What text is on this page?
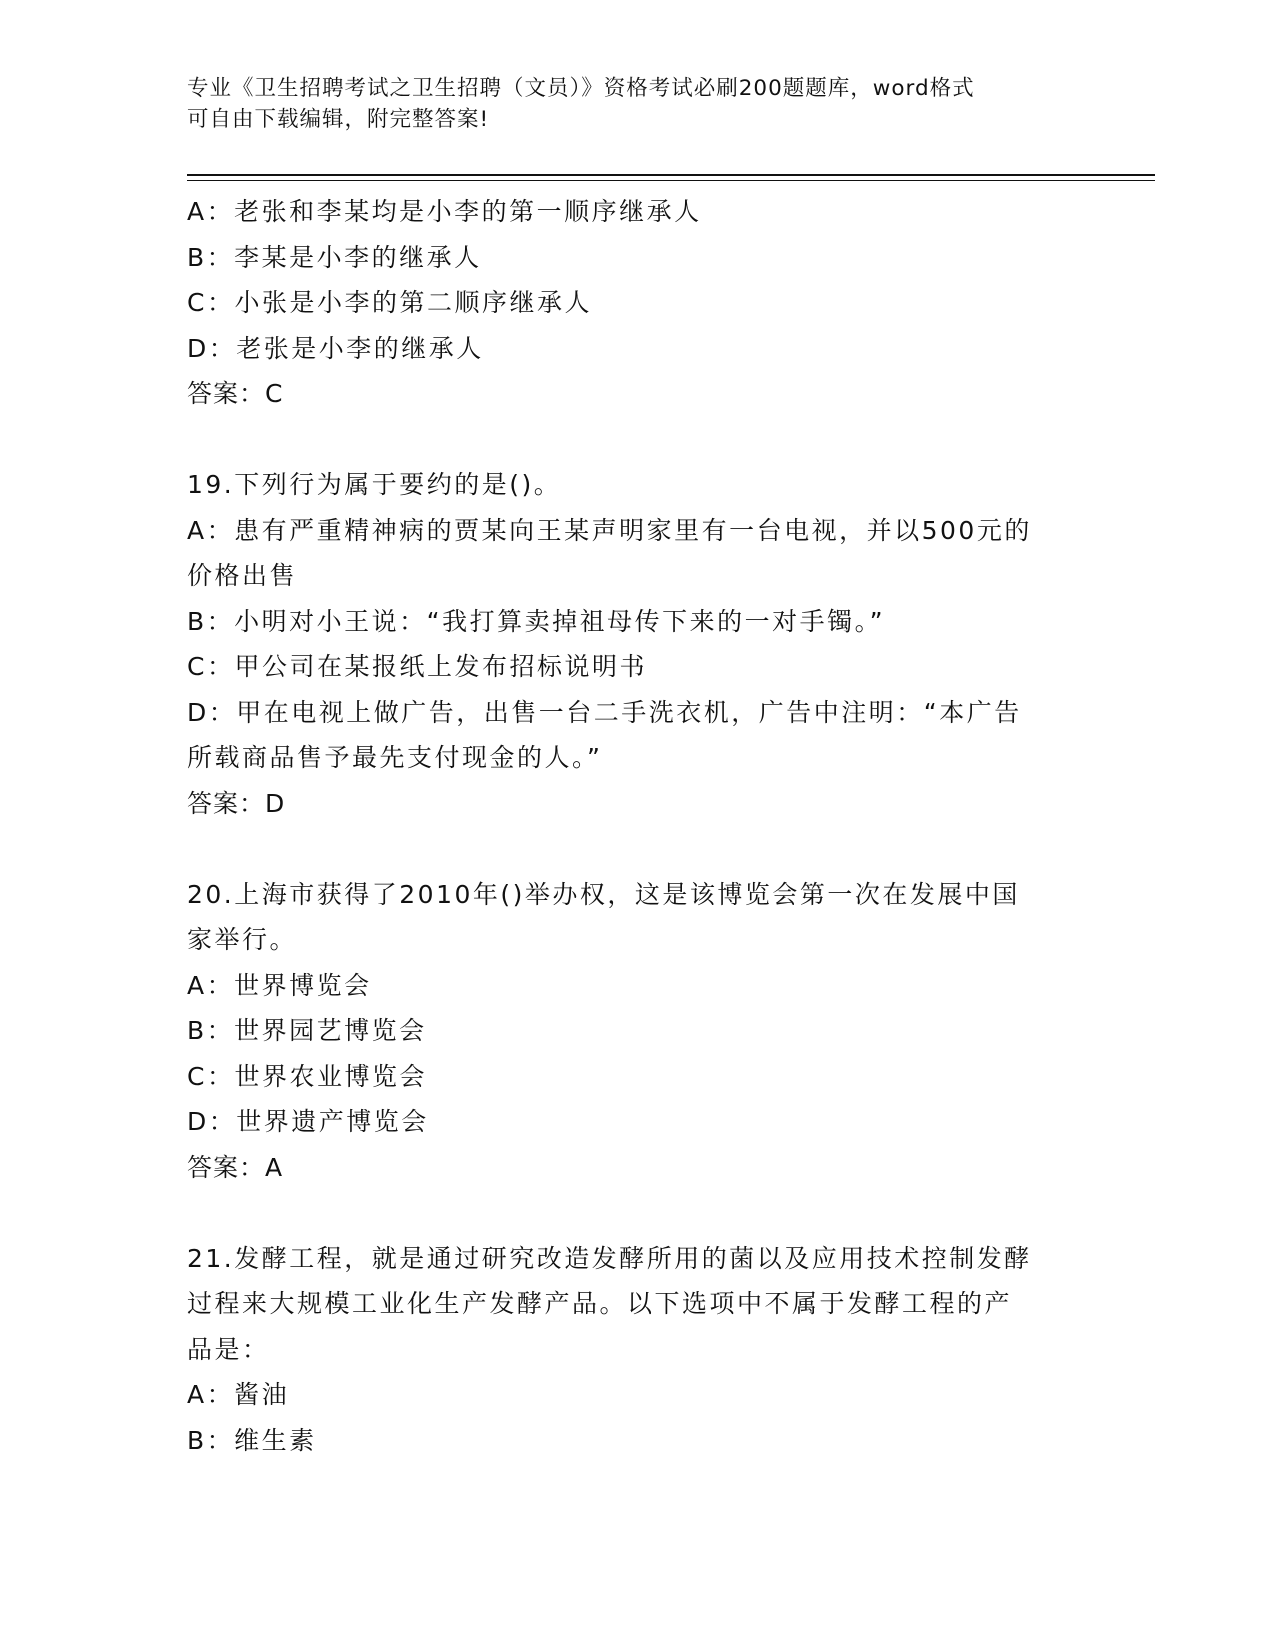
专业《卫生招聘考试之卫生招聘（文员）》资格考试必刷200题题库，word格式
可自由下载编辑，附完整答案!
A：老张和李某均是小李的第一顺序继承人
B：李某是小李的继承人
C：小张是小李的第二顺序继承人
D：老张是小李的继承人
答案：C
19.下列行为属于要约的是()。
A：患有严重精神病的贾某向王某声明家里有一台电视，并以500元的
价格出售
B：小明对小王说：“我打算卖掉祖母传下来的一对手镯。”
C：甲公司在某报纸上发布招标说明书
D：甲在电视上做广告，出售一台二手洗衣机，广告中注明：“本广告
所载商品售予最先支付现金的人。”
答案：D
20.上海市获得了2010年()举办权，这是该博览会第一次在发展中国
家举行。
A：世界博览会
B：世界园艺博览会
C：世界农业博览会
D：世界遗产博览会
答案：A
21.发酵工程，就是通过研究改造发酵所用的菌以及应用技术控制发酵
过程来大规模工业化生产发酵产品。以下选项中不属于发酵工程的产
品是：
A：酱油
B：维生素
